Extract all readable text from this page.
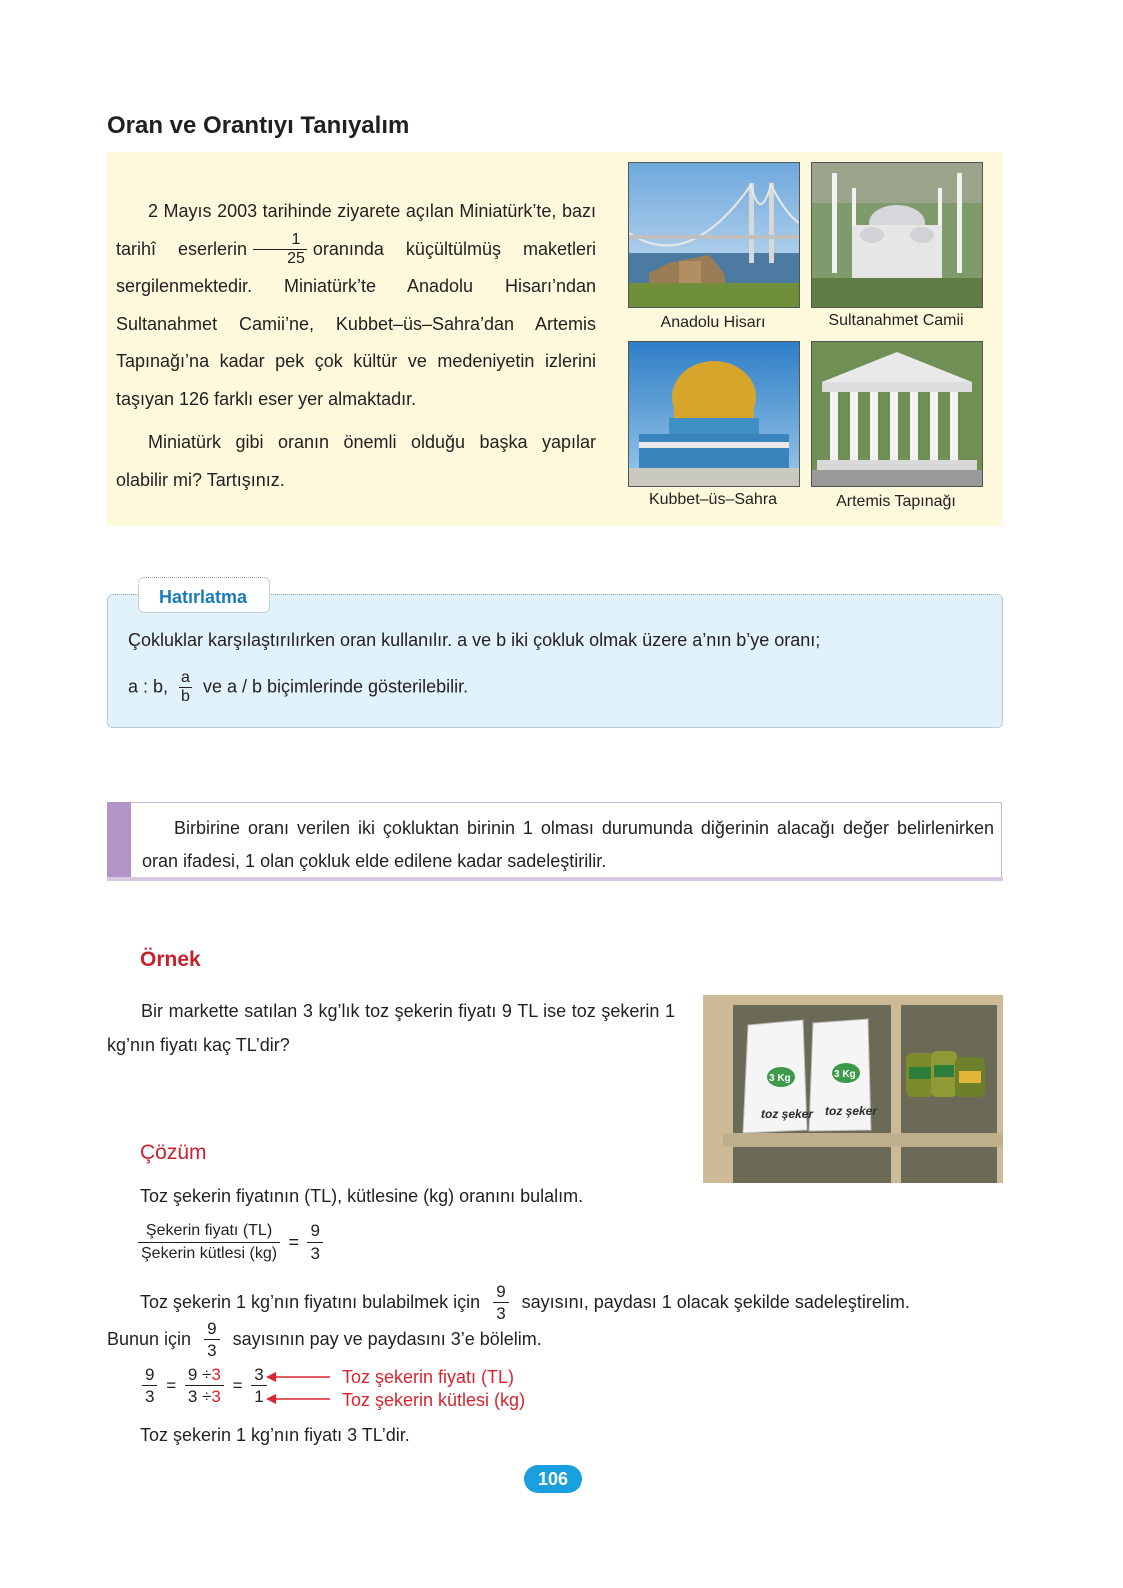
Oran ve Orantıyı Tanıyalım

2 Mayıs 2003 tarihinde ziyarete açılan Miniatürk’te, bazı tarihî eserlerin $\frac{1}{25}$ oranında küçültülmüş maketleri sergilenmektedir. Miniatürk’te Anadolu Hisarı’ndan Sultanahmet Camii’ne, Kubbet–üs–Sahra’dan Artemis Tapınağı’na kadar pek çok kültür ve medeniyetin izlerini taşıyan 126 farklı eser yer almaktadır.

Miniatürk gibi oranın önemli olduğu başka yapılar olabilir mi? Tartışınız.

Anadolu Hisarı	Sultanahmet Camii
Kubbet–üs–Sahra	Artemis Tapınağı
Hatırlatma
Çokluklar karşılaştırılırken oran kullanılır. a ve b iki çokluk olmak üzere a’nın b’ye oranı;
a : b, $\frac{a}{b}$ ve a / b biçimlerinde gösterilebilir.
Birbirine oranı verilen iki çokluktan birinin 1 olması durumunda diğerinin alacağı değer belirlenirken oran ifadesi, 1 olan çokluk elde edilene kadar sadeleştirilir.
Örnek
Bir markette satılan 3 kg’lık toz şekerin fiyatı 9 TL ise toz şekerin 1 kg’nın fiyatı kaç TL’dir?
3 Kg	3 Kg
toz şeker toz şeker
Çözüm
Toz şekerin fiyatının (TL), kütlesine (kg) oranını bulalım.
$\frac{\text{Şekerin fiyatı (TL)}}{\text{Şekerin kütlesi (kg)}} = \frac{9}{3}$
Toz şekerin 1 kg’nın fiyatını bulabilmek için $\frac{9}{3}$ sayısını, paydası 1 olacak şekilde sadeleştirelim.
Bunun için $\frac{9}{3}$ sayısının pay ve paydasını 3’e bölelim.
$\frac{9}{3} = \frac{9 \div 3}{3 \div 3} = \frac{3}{1}$	Toz şekerin fiyatı (TL)
Toz şekerin kütlesi (kg)
Toz şekerin 1 kg’nın fiyatı 3 TL’dir.
106
